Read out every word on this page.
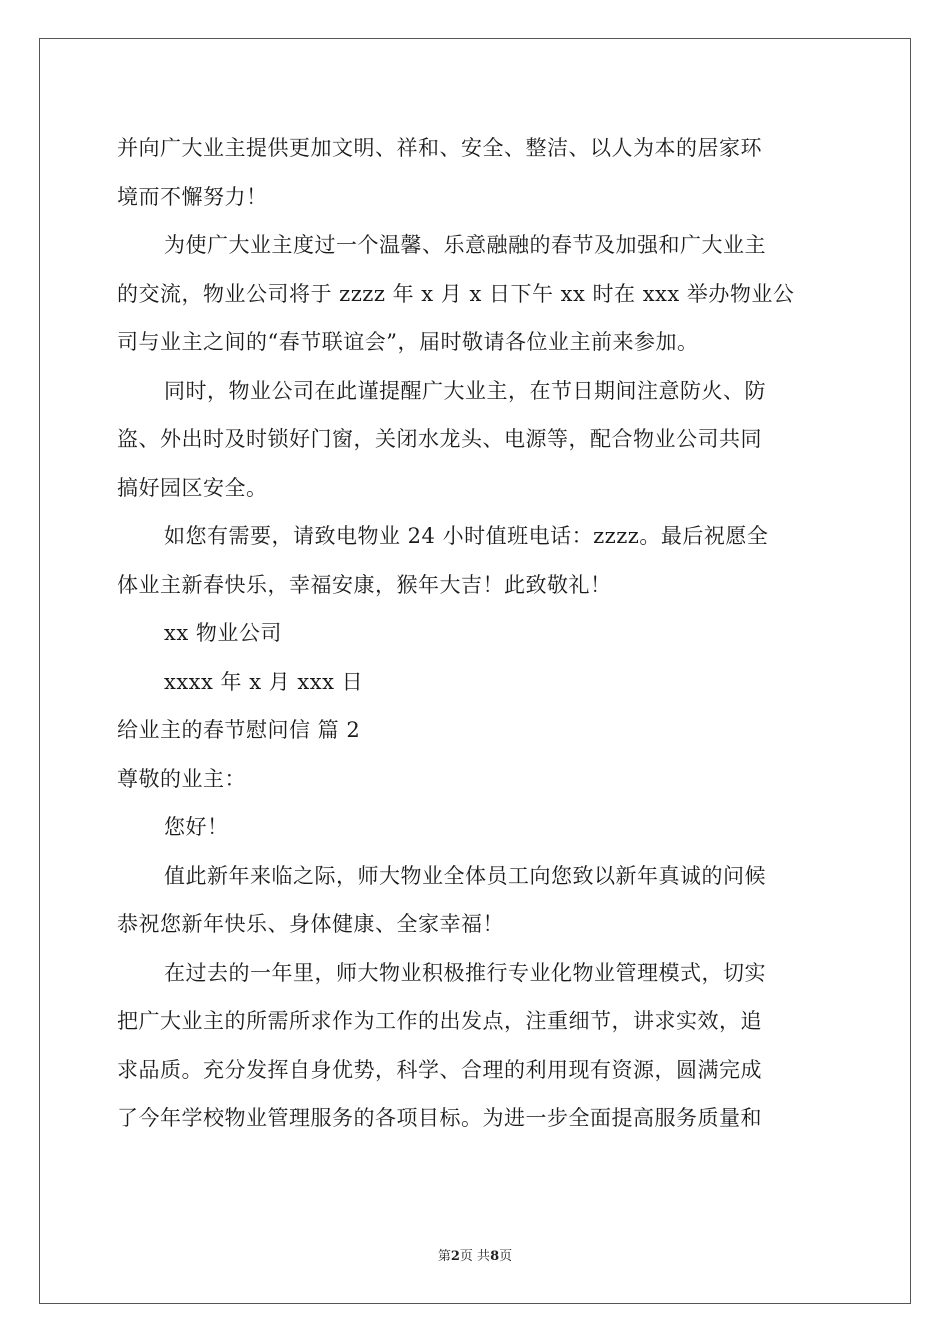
并向广大业主提供更加文明、祥和、安全、整洁、以人为本的居家环
境而不懈努力！
为使广大业主度过一个温馨、乐意融融的春节及加强和广大业主
的交流，物业公司将于 zzzz 年 x 月 x 日下午 xx 时在 xxx 举办物业公
司与业主之间的“春节联谊会”，届时敬请各位业主前来参加。
同时，物业公司在此谨提醒广大业主，在节日期间注意防火、防
盗、外出时及时锁好门窗，关闭水龙头、电源等，配合物业公司共同
搞好园区安全。
如您有需要，请致电物业 24 小时值班电话：zzzz。最后祝愿全
体业主新春快乐，幸福安康，猴年大吉！此致敬礼！
xx 物业公司
xxxx 年 x 月 xxx 日
给业主的春节慰问信 篇 2
尊敬的业主：
您好！
值此新年来临之际，师大物业全体员工向您致以新年真诚的问候
恭祝您新年快乐、身体健康、全家幸福！
在过去的一年里，师大物业积极推行专业化物业管理模式，切实
把广大业主的所需所求作为工作的出发点，注重细节，讲求实效，追
求品质。充分发挥自身优势，科学、合理的利用现有资源，圆满完成
了今年学校物业管理服务的各项目标。为进一步全面提高服务质量和
第2页 共8页
